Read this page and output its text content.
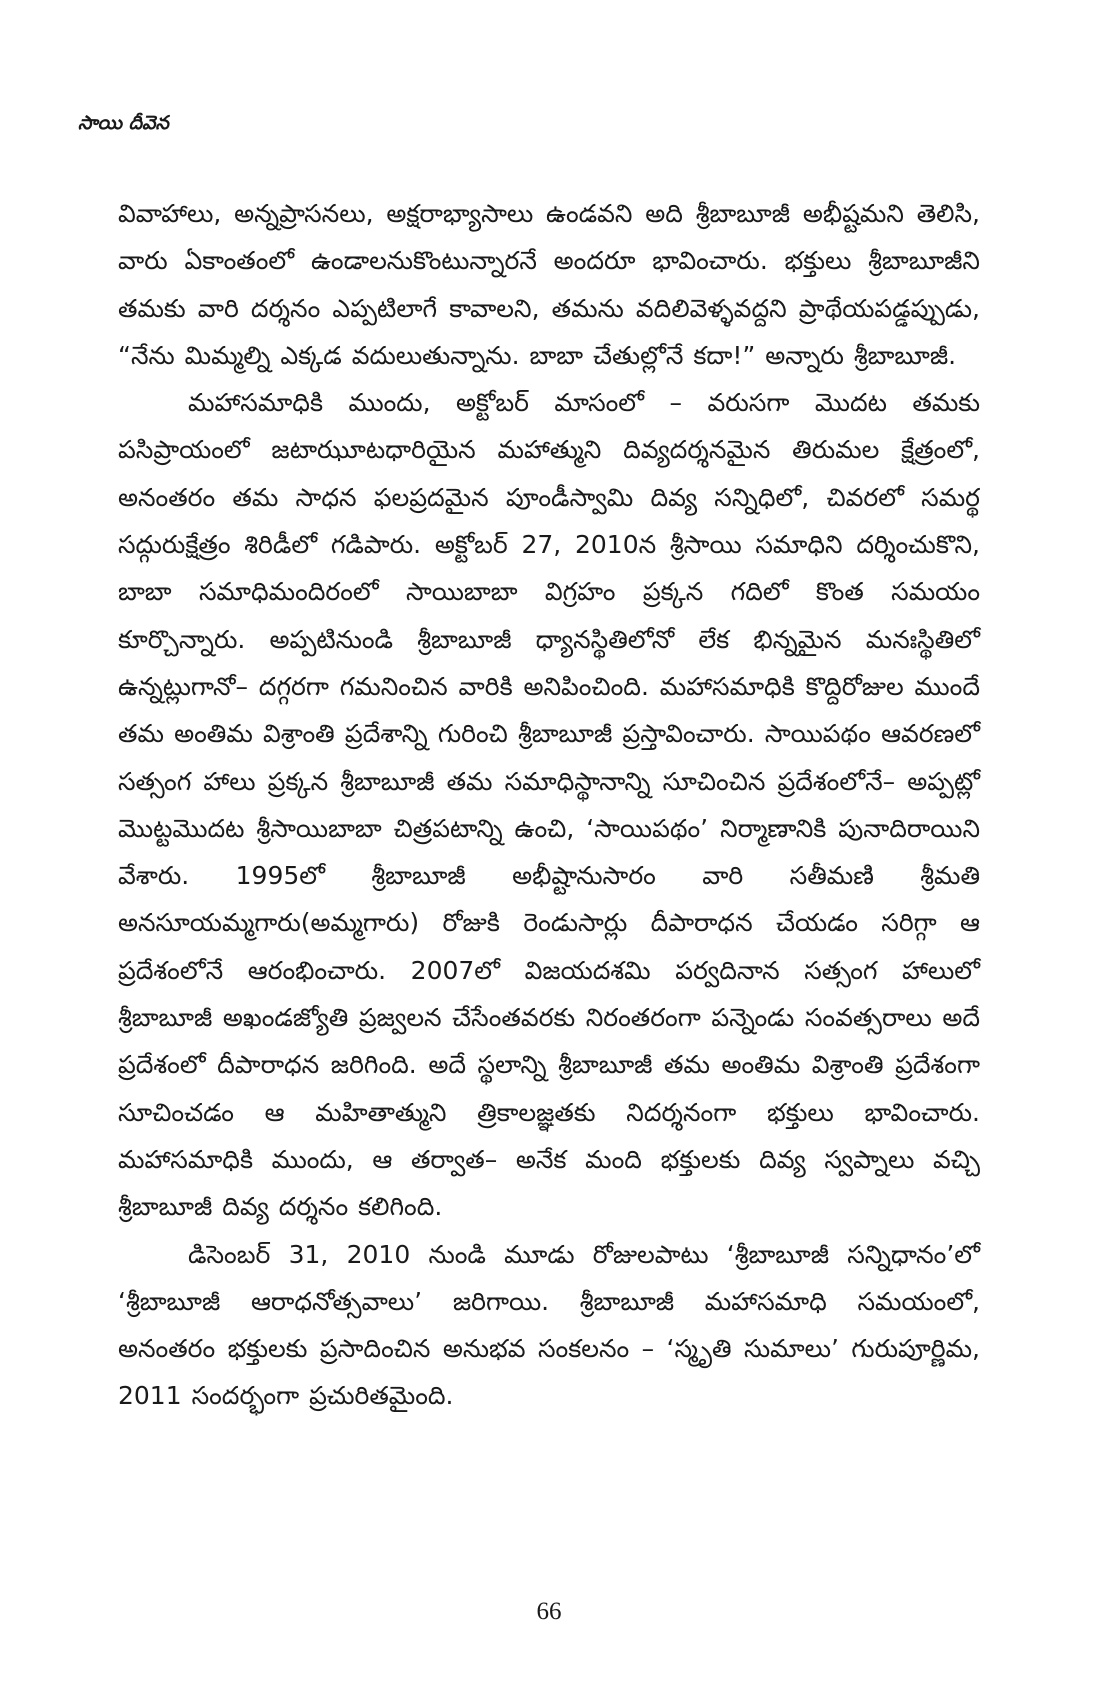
సాయి దీవెన

వివాహాలు, అన్నప్రాసనలు, అక్షరాభ్యాసాలు ఉండవని అది శ్రీబాబూజీ అభీష్టమని తెలిసి, వారు ఏకాంతంలో ఉండాలనుకొంటున్నారనే అందరూ భావించారు. భక్తులు శ్రీబాబూజీని తమకు వారి దర్శనం ఎప్పటిలాగే కావాలని, తమను వదిలివెళ్ళవద్దని ప్రాథేయపడ్డప్పుడు, “నేను మిమ్మల్ని ఎక్కడ వదులుతున్నాను. బాబా చేతుల్లోనే కదా!” అన్నారు శ్రీబాబూజీ.

మహాసమాధికి ముందు, అక్టోబర్ మాసంలో – వరుసగా మొదట తమకు పసిప్రాయంలో జటాఝూటధారియైన మహాత్ముని దివ్యదర్శనమైన తిరుమల క్షేత్రంలో, అనంతరం తమ సాధన ఫలప్రదమైన పూండీస్వామి దివ్య సన్నిధిలో, చివరలో సమర్థ సద్గురుక్షేత్రం శిరిడీలో గడిపారు. అక్టోబర్ 27, 2010న శ్రీసాయి సమాధిని దర్శించుకొని, బాబా సమాధిమందిరంలో సాయిబాబా విగ్రహం ప్రక్కన గదిలో కొంత సమయం కూర్చొన్నారు. అప్పటినుండి శ్రీబాబూజీ ధ్యానస్థితిలోనో లేక భిన్నమైన మనఃస్థితిలో ఉన్నట్లుగానో– దగ్గరగా గమనించిన వారికి అనిపించింది. మహాసమాధికి కొద్దిరోజుల ముందే తమ అంతిమ విశ్రాంతి ప్రదేశాన్ని గురించి శ్రీబాబూజీ ప్రస్తావించారు. సాయిపథం ఆవరణలో సత్సంగ హాలు ప్రక్కన శ్రీబాబూజీ తమ సమాధిస్థానాన్ని సూచించిన ప్రదేశంలోనే– అప్పట్లో మొట్టమొదట శ్రీసాయిబాబా చిత్రపటాన్ని ఉంచి, ‘సాయిపథం’ నిర్మాణానికి పునాదిరాయిని వేశారు. 1995లో శ్రీబాబూజీ అభీష్టానుసారం వారి సతీమణి శ్రీమతి అనసూయమ్మగారు(అమ్మగారు) రోజుకి రెండుసార్లు దీపారాధన చేయడం సరిగ్గా ఆ ప్రదేశంలోనే ఆరంభించారు. 2007లో విజయదశమి పర్వదినాన సత్సంగ హాలులో శ్రీబాబూజీ అఖండజ్యోతి ప్రజ్వలన చేసేంతవరకు నిరంతరంగా పన్నెండు సంవత్సరాలు అదే ప్రదేశంలో దీపారాధన జరిగింది. అదే స్థలాన్ని శ్రీబాబూజీ తమ అంతిమ విశ్రాంతి ప్రదేశంగా సూచించడం ఆ మహితాత్ముని త్రికాలజ్ఞతకు నిదర్శనంగా భక్తులు భావించారు. మహాసమాధికి ముందు, ఆ తర్వాత– అనేక మంది భక్తులకు దివ్య స్వప్నాలు వచ్చి శ్రీబాబూజీ దివ్య దర్శనం కలిగింది.

డిసెంబర్ 31, 2010 నుండి మూడు రోజులపాటు ‘శ్రీబాబూజీ సన్నిధానం’లో ‘శ్రీబాబూజీ ఆరాధనోత్సవాలు’ జరిగాయి. శ్రీబాబూజీ మహాసమాధి సమయంలో, అనంతరం భక్తులకు ప్రసాదించిన అనుభవ సంకలనం – ‘స్మృతి సుమాలు’ గురుపూర్ణిమ, 2011 సందర్భంగా ప్రచురితమైంది.

66
